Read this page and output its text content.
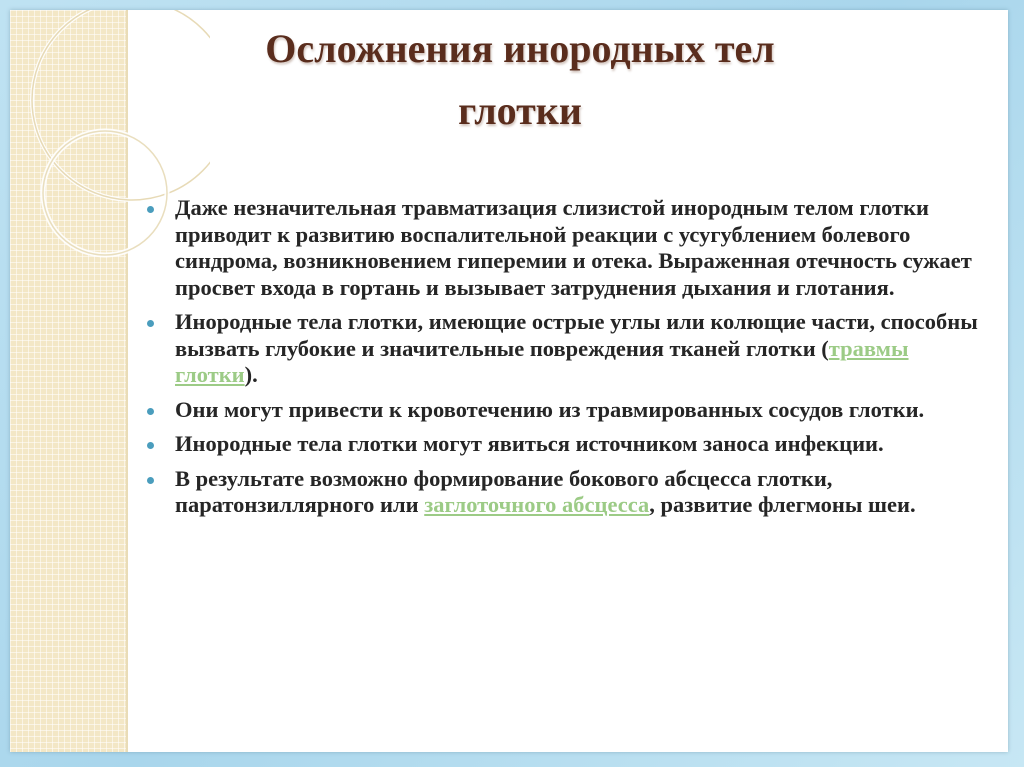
Осложнения инородных тел
глотки
Даже незначительная травматизация слизистой инородным телом глотки приводит к развитию воспалительной реакции с усугублением болевого синдрома, возникновением гиперемии и отека. Выраженная отечность сужает просвет входа в гортань и вызывает затруднения дыхания и глотания.
Инородные тела глотки, имеющие острые углы или колющие части, способны вызвать глубокие и значительные повреждения тканей глотки (травмы глотки).
Они могут привести к кровотечению из травмированных сосудов глотки.
Инородные тела глотки могут явиться источником заноса инфекции.
В результате возможно формирование бокового абсцесса глотки, паратонзиллярного или заглоточного абсцесса, развитие флегмоны шеи.
